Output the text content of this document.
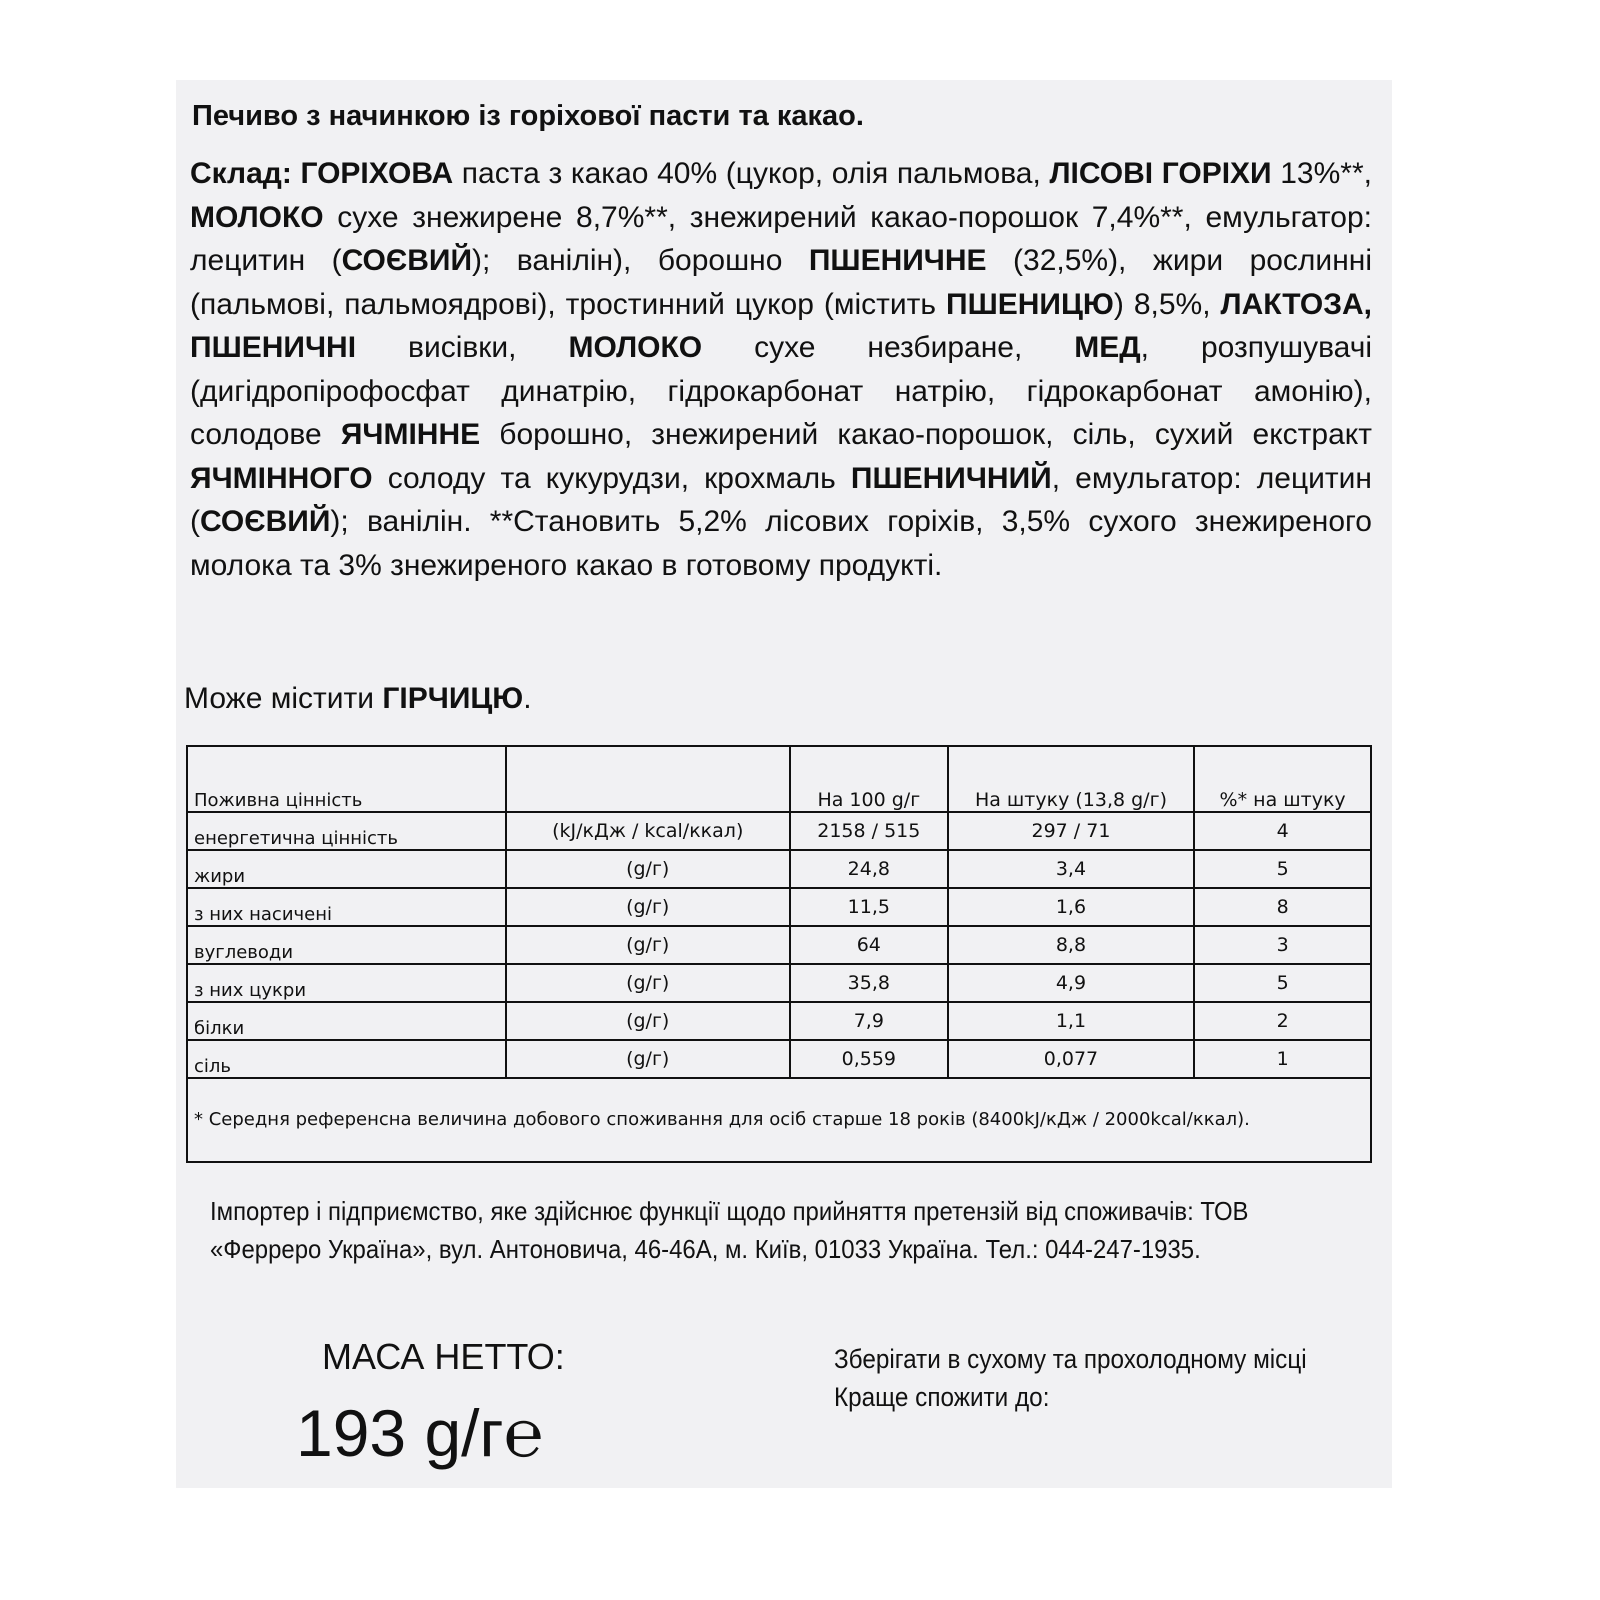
Печиво з начинкою із горіхової пасти та какао.
Склад: ГОРІХОВА паста з какао 40% (цукор, олія пальмова, ЛІСОВІ ГОРІХИ 13%**, МОЛОКО сухе знежирене 8,7%**, знежирений какао-порошок 7,4%**, емульгатор: лецитин (СОЄВИЙ); ванілін), борошно ПШЕНИЧНЕ (32,5%), жири рослинні (пальмові, пальмоядрові), тростинний цукор (містить ПШЕНИЦЮ) 8,5%, ЛАКТОЗА, ПШЕНИЧНІ висівки, МОЛОКО сухе незбиране, МЕД, розпушувачі (дигідропірофосфат динатрію, гідрокарбонат натрію, гідрокарбонат амонію), солодове ЯЧМІННЕ борошно, знежирений какао-порошок, сіль, сухий екстракт ЯЧМІННОГО солоду та кукурудзи, крохмаль ПШЕНИЧНИЙ, емульгатор: лецитин (СОЄВИЙ); ванілін. **Становить 5,2% лісових горіхів, 3,5% сухого знежиреного молока та 3% знежиреного какао в готовому продукті.
Може містити ГІРЧИЦЮ.
Поживна цінність		На 100 g/г	На штуку (13,8 g/г)	%* на штуку
енергетична цінність	(kJ/кДж / kcal/ккал)	2158 / 515	297 / 71	4
жири	(g/г)	24,8	3,4	5
з них насичені	(g/г)	11,5	1,6	8
вуглеводи	(g/г)	64	8,8	3
з них цукри	(g/г)	35,8	4,9	5
білки	(g/г)	7,9	1,1	2
сіль	(g/г)	0,559	0,077	1
* Середня референсна величина добового споживання для осіб старше 18 років (8400kJ/кДж / 2000kcal/ккал).				
Імпортер і підприємство, яке здійснює функції щодо прийняття претензій від споживачів: ТОВ «Ферреро Україна», вул. Антоновича, 46-46А, м. Київ, 01033 Україна. Тел.: 044-247-1935.
МАСА НЕТТО:
193 g/г℮
Зберігати в сухому та прохолодному місці
Краще спожити до:
